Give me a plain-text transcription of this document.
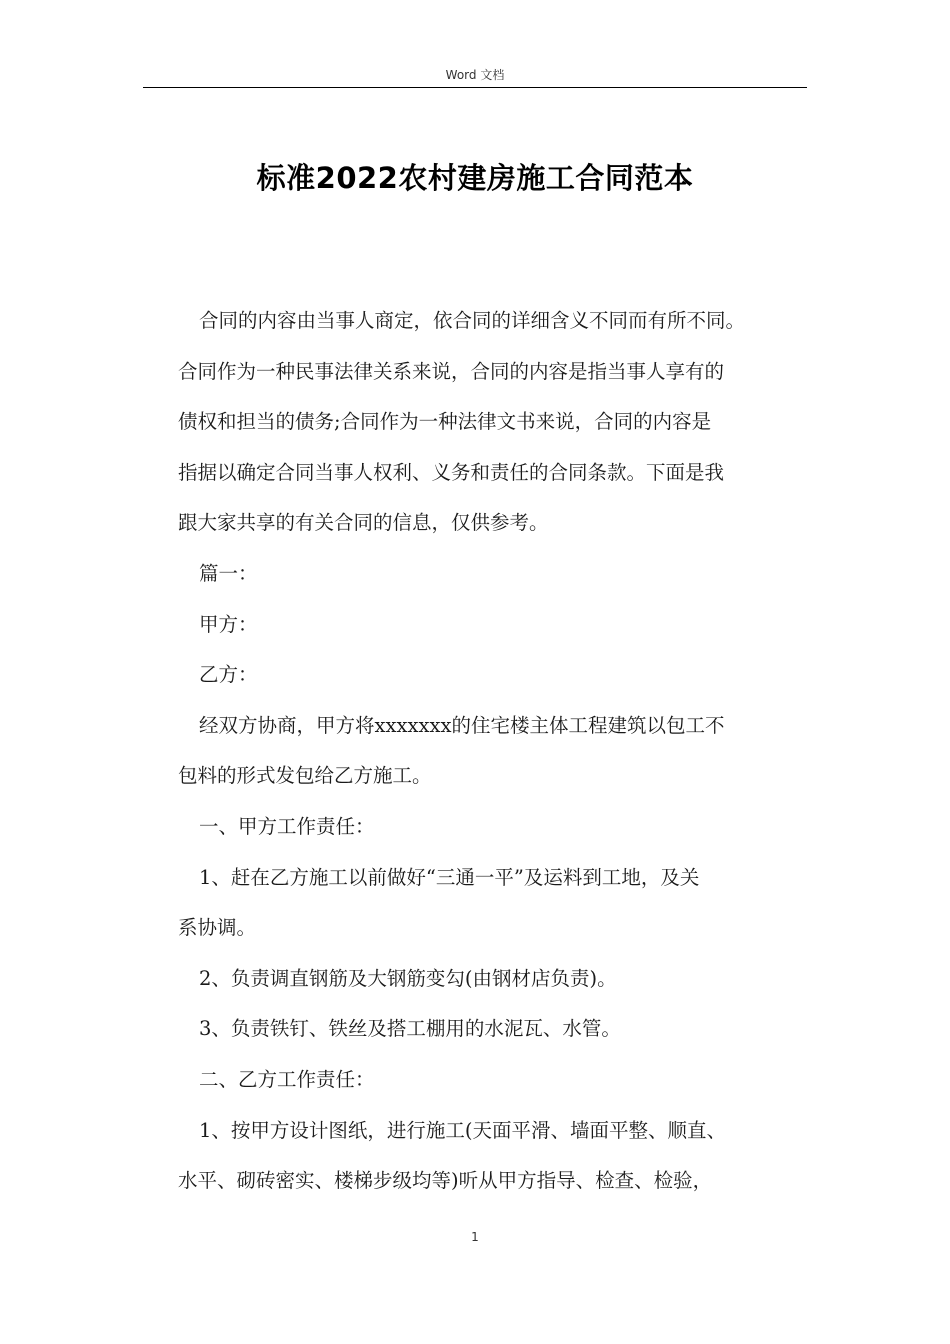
Word 文档
标准2022农村建房施工合同范本
合同的内容由当事人商定，依合同的详细含义不同而有所不同。
合同作为一种民事法律关系来说，合同的内容是指当事人享有的
债权和担当的债务;合同作为一种法律文书来说，合同的内容是
指据以确定合同当事人权利、义务和责任的合同条款。下面是我
跟大家共享的有关合同的信息，仅供参考。
篇一：
甲方：
乙方：
经双方协商，甲方将xxxxxxx的住宅楼主体工程建筑以包工不
包料的形式发包给乙方施工。
一、甲方工作责任：
1、赶在乙方施工以前做好“三通一平”及运料到工地，及关
系协调。
2、负责调直钢筋及大钢筋变勾(由钢材店负责)。
3、负责铁钉、铁丝及搭工棚用的水泥瓦、水管。
二、乙方工作责任：
1、按甲方设计图纸，进行施工(天面平滑、墙面平整、顺直、
水平、砌砖密实、楼梯步级均等)听从甲方指导、检查、检验，
1
